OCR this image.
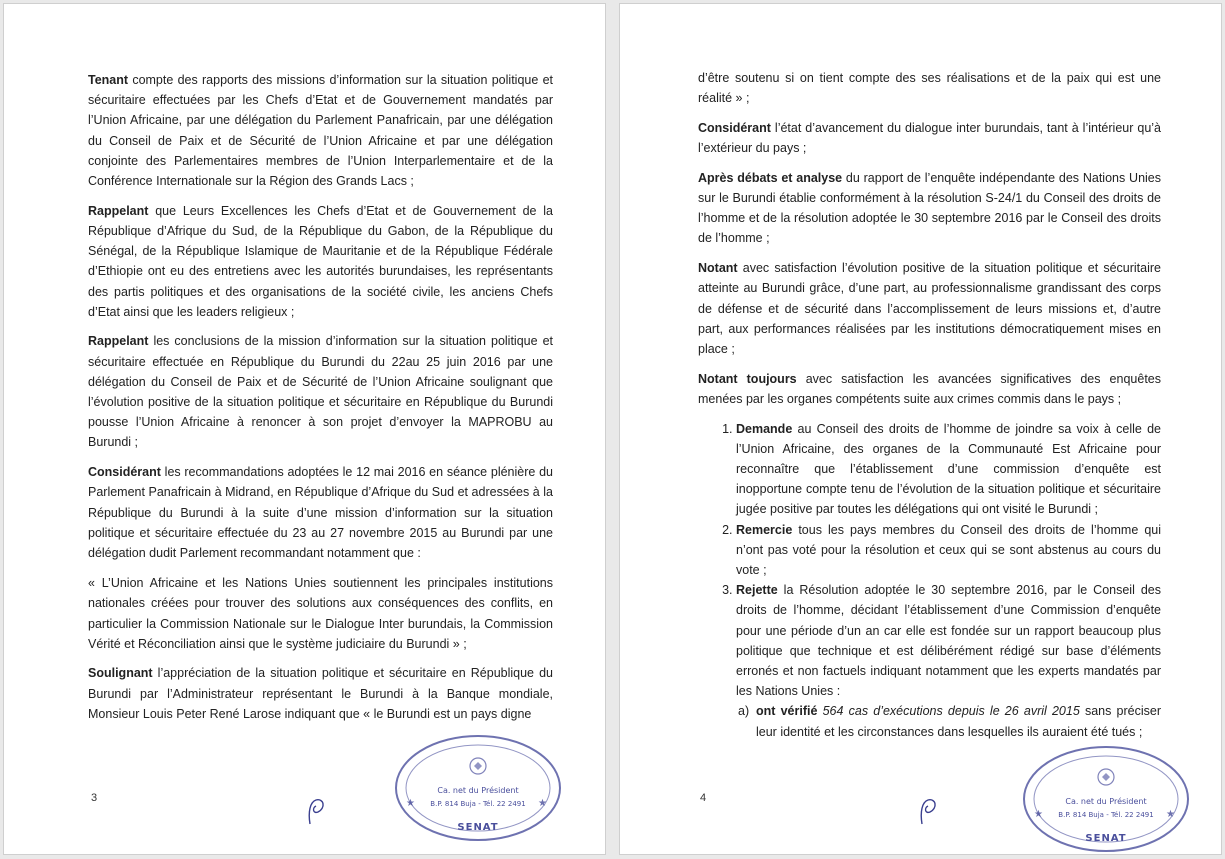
Tenant compte des rapports des missions d’information sur la situation politique et sécuritaire effectuées par les Chefs d’Etat et de Gouvernement mandatés par l’Union Africaine, par une délégation du Parlement Panafricain, par une délégation du Conseil de Paix et de Sécurité de l’Union Africaine et par une délégation conjointe des Parlementaires membres de l’Union Interparlementaire et de la Conférence Internationale sur la Région des Grands Lacs ;

Rappelant que Leurs Excellences les Chefs d’Etat et de Gouvernement de la République d’Afrique du Sud, de la République du Gabon, de la République du Sénégal, de la République Islamique de Mauritanie et de la République Fédérale d’Ethiopie ont eu des entretiens avec les autorités burundaises, les représentants des partis politiques et des organisations de la société civile, les anciens Chefs d’Etat ainsi que les leaders religieux ;

Rappelant les conclusions de la mission d’information sur la situation politique et sécuritaire effectuée en République du Burundi du 22au 25 juin 2016 par une délégation du Conseil de Paix et de Sécurité de l’Union Africaine soulignant que l’évolution positive de la situation politique et sécuritaire en République du Burundi pousse l’Union Africaine à renoncer à son projet d’envoyer la MAPROBU au Burundi ;

Considérant les recommandations adoptées le 12 mai 2016 en séance plénière du Parlement Panafricain à Midrand, en République d’Afrique du Sud et adressées à la République du Burundi à la suite d’une mission d’information sur la situation politique et sécuritaire effectuée du 23 au 27 novembre 2015 au Burundi par une délégation dudit Parlement recommandant notamment que :

« L’Union Africaine et les Nations Unies soutiennent les principales institutions nationales créées pour trouver des solutions aux conséquences des conflits, en particulier la Commission Nationale sur le Dialogue Inter burundais, la Commission Vérité et Réconciliation ainsi que le système judiciaire du Burundi » ;

Soulignant l’appréciation de la situation politique et sécuritaire en République du Burundi par l’Administrateur représentant le Burundi à la Banque mondiale, Monsieur Louis Peter René Larose indiquant que « le Burundi est un pays digne

3	★	★
Ca. net du Président
B.P. 814 Buja - Tél. 22 2491
SENAT

d’être soutenu si on tient compte des ses réalisations et de la paix qui est une réalité » ;

Considérant l’état d’avancement du dialogue inter burundais, tant à l’intérieur qu’à l’extérieur du pays ;

Après débats et analyse du rapport de l’enquête indépendante des Nations Unies sur le Burundi établie conformément à la résolution S-24/1 du Conseil des droits de l’homme et de la résolution adoptée le 30 septembre 2016 par le Conseil des droits de l’homme ;

Notant avec satisfaction l’évolution positive de la situation politique et sécuritaire atteinte au Burundi grâce, d’une part, au professionnalisme grandissant des corps de défense et de sécurité dans l’accomplissement de leurs missions et, d’autre part, aux performances réalisées par les institutions démocratiquement mises en place ;

Notant toujours avec satisfaction les avancées significatives des enquêtes menées par les organes compétents suite aux crimes commis dans le pays ;

1. Demande au Conseil des droits de l’homme de joindre sa voix à celle de l’Union Africaine, des organes de la Communauté Est Africaine pour reconnaître que l’établissement d’une commission d’enquête est inopportune compte tenu de l’évolution de la situation politique et sécuritaire jugée positive par toutes les délégations qui ont visité le Burundi ;
2. Remercie tous les pays membres du Conseil des droits de l’homme qui n’ont pas voté pour la résolution et ceux qui se sont abstenus au cours du vote ;
3. Rejette la Résolution adoptée le 30 septembre 2016, par le Conseil des droits de l’homme, décidant l’établissement d’une Commission d’enquête pour une période d’un an car elle est fondée sur un rapport beaucoup plus politique que technique et est délibérément rédigé sur base d’éléments erronés et non factuels indiquant notamment que les experts mandatés par les Nations Unies :
a) ont vérifié 564 cas d’exécutions depuis le 26 avril 2015 sans préciser leur identité et les circonstances dans lesquelles ils auraient été tués ;
4
★	★
Ca. net du Président
B.P. 814 Buja - Tél. 22 2491
SENAT
